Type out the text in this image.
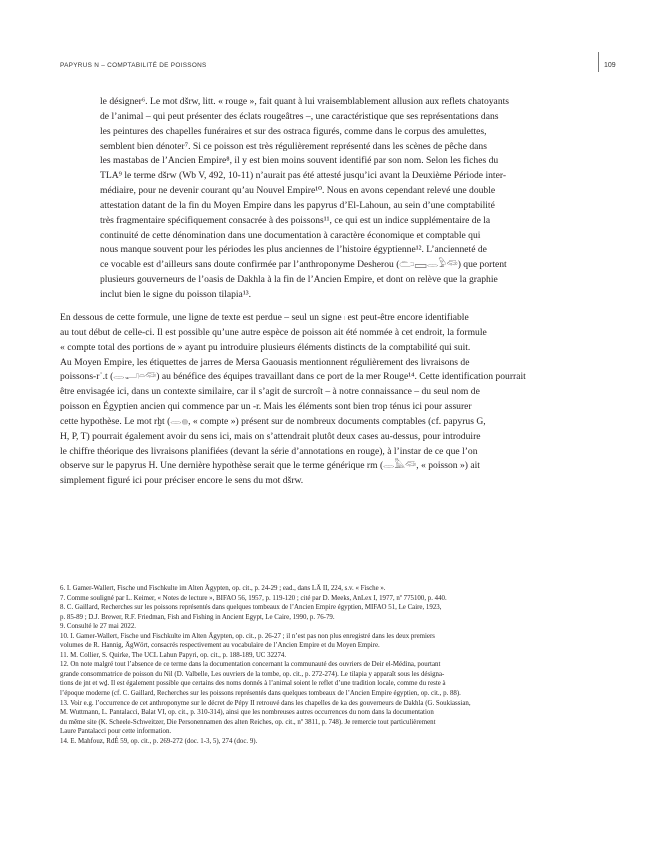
PAPYRUS N – COMPTABILITÉ DE POISSONS	109
le désigner⁶. Le mot dšrw, litt. « rouge », fait quant à lui vraisemblablement allusion aux reflets chatoyants
de l’animal – qui peut présenter des éclats rougeâtres –, une caractéristique que ses représentations dans
les peintures des chapelles funéraires et sur des ostraca figurés, comme dans le corpus des amulettes,
semblent bien dénoter⁷. Si ce poisson est très régulièrement représenté dans les scènes de pêche dans
les mastabas de l’Ancien Empire⁸, il y est bien moins souvent identifié par son nom. Selon les fiches du
TLA⁹ le terme dšrw (Wb V, 492, 10-11) n’aurait pas été attesté jusqu’ici avant la Deuxième Période inter-
médiaire, pour ne devenir courant qu’au Nouvel Empire¹⁰. Nous en avons cependant relevé une double
attestation datant de la fin du Moyen Empire dans les papyrus d’El-Lahoun, au sein d’une comptabilité
très fragmentaire spécifiquement consacrée à des poissons¹¹, ce qui est un indice supplémentaire de la
continuité de cette dénomination dans une documentation à caractère économique et comptable qui
nous manque souvent pour les périodes les plus anciennes de l’histoire égyptienne¹². L’ancienneté de
ce vocable est d’ailleurs sans doute confirmée par l’anthroponyme Desherou (𓂧𓈙𓂋𓅱𓆛) que portent
plusieurs gouverneurs de l’oasis de Dakhla à la fin de l’Ancien Empire, et dont on relève que la graphie
inclut bien le signe du poisson tilapia¹³.
En dessous de cette formule, une ligne de texte est perdue – seul un signe 𓏺 est peut-être encore identifiable
au tout début de celle-ci. Il est possible qu’une autre espèce de poisson ait été nommée à cet endroit, la formule
« compte total des portions de » ayant pu introduire plusieurs éléments distincts de la comptabilité qui suit.
Au Moyen Empire, les étiquettes de jarres de Mersa Gaouasis mentionnent régulièrement des livraisons de
poissons-rʿ.t (𓂋𓂝𓏏𓆛) au bénéfice des équipes travaillant dans ce port de la mer Rouge¹⁴. Cette identification pourrait
être envisagée ici, dans un contexte similaire, car il s’agit de surcroît – à notre connaissance – du seul nom de
poisson en Égyptien ancien qui commence par un -r. Mais les éléments sont bien trop ténus ici pour assurer
cette hypothèse. Le mot rḫt (𓂋𓐍, « compte ») présent sur de nombreux documents comptables (cf. papyrus G,
H, P, T) pourrait également avoir du sens ici, mais on s’attendrait plutôt deux cases au-dessus, pour introduire
le chiffre théorique des livraisons planifiées (devant la série d’annotations en rouge), à l’instar de ce que l’on
observe sur le papyrus H. Une dernière hypothèse serait que le terme générique rm (𓂋𓅓𓆛, « poisson ») ait
simplement figuré ici pour préciser encore le sens du mot dšrw.
6. I. Gamer-Wallert, Fische und Fischkulte im Alten Ägypten, op. cit., p. 24-29 ; ead., dans LÄ II, 224, s.v. « Fische ».
7. Comme souligné par L. Keimer, « Notes de lecture », BIFAO 56, 1957, p. 119-120 ; cité par D. Meeks, AnLex I, 1977, nº 775100, p. 440.
8. C. Gaillard, Recherches sur les poissons représentés dans quelques tombeaux de l’Ancien Empire égyptien, MIFAO 51, Le Caire, 1923,
p. 85-89 ; D.J. Brewer, R.F. Friedman, Fish and Fishing in Ancient Egypt, Le Caire, 1990, p. 76-79.
9. Consulté le 27 mai 2022.
10. I. Gamer-Wallert, Fische und Fischkulte im Alten Ägypten, op. cit., p. 26-27 ; il n’est pas non plus enregistré dans les deux premiers
volumes de R. Hannig, ÄgWört, consacrés respectivement au vocabulaire de l’Ancien Empire et du Moyen Empire.
11. M. Collier, S. Quirke, The UCL Lahun Papyri, op. cit., p. 188-189, UC 32274.
12. On note malgré tout l’absence de ce terme dans la documentation concernant la communauté des ouvriers de Deir el-Médina, pourtant
grande consommatrice de poisson du Nil (D. Valbelle, Les ouvriers de la tombe, op. cit., p. 272-274). Le tilapia y apparaît sous les désigna-
tions de jnt et wḏ. Il est également possible que certains des noms donnés à l’animal soient le reflet d’une tradition locale, comme du reste à
l’époque moderne (cf. C. Gaillard, Recherches sur les poissons représentés dans quelques tombeaux de l’Ancien Empire égyptien, op. cit., p. 88).
13. Voir e.g. l’occurrence de cet anthroponyme sur le décret de Pépy II retrouvé dans les chapelles de ka des gouverneurs de Dakhla (G. Soukiassian,
M. Wuttmann, L. Pantalacci, Balat VI, op. cit., p. 310-314), ainsi que les nombreuses autres occurrences du nom dans la documentation
du même site (K. Scheele-Schweitzer, Die Personennamen des alten Reiches, op. cit., nº 3811, p. 748). Je remercie tout particulièrement
Laure Pantalacci pour cette information.
14. E. Mahfouz, RdÉ 59, op. cit., p. 269-272 (doc. 1-3, 5), 274 (doc. 9).
